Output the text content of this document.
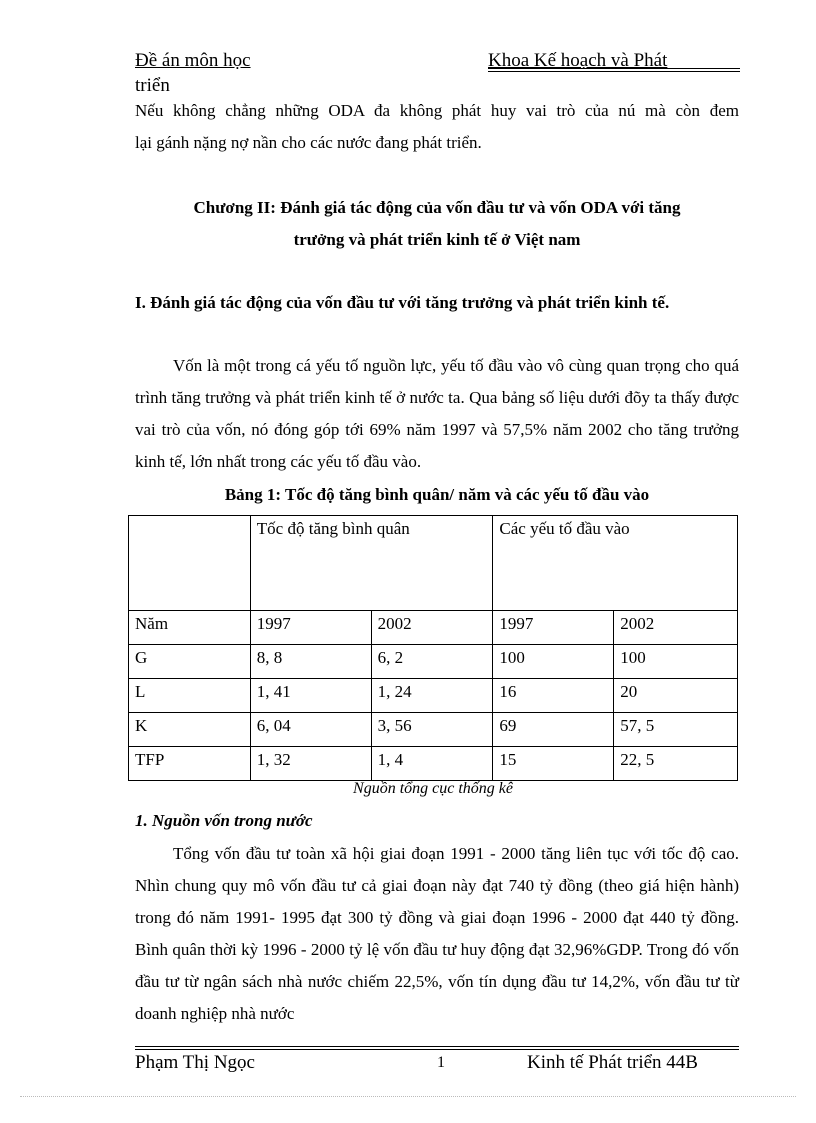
Đề án môn học	Khoa Kế hoạch và Phát
triển
Nếu không chẳng những ODA đa không phát huy vai trò của nú mà còn đem
lại gánh nặng nợ nần cho các nước đang phát triển.
Chương II: Đánh giá tác động của vốn đầu tư và vốn ODA với tăng
trưởng và phát triển kinh tế ở Việt nam
I. Đánh giá tác động của vốn đầu tư với tăng trưởng và phát triển kinh tế.
Vốn là một trong cá yếu tố nguồn lực, yếu tố đầu vào vô cùng quan trọng cho quá trình tăng trưởng và phát triển kinh tế ở nước ta. Qua bảng số liệu dưới đõy ta thấy được vai trò của vốn, nó đóng góp tới 69% năm 1997 và 57,5% năm 2002 cho tăng trưởng kinh tế, lớn nhất trong các yếu tố đầu vào.
Bảng 1: Tốc độ tăng bình quân/ năm và các yếu tố đầu vào
	Tốc độ tăng bình quân		Các yếu tố đầu vào	
Năm	1997	2002	1997	2002
G	8, 8	6, 2	100	100
L	1, 41	1, 24	16	20
K	6, 04	3, 56	69	57, 5
TFP	1, 32	1, 4	15	22, 5
Nguồn tổng cục thống kê
1. Nguồn vốn trong nước
Tổng vốn đầu tư toàn xã hội giai đoạn 1991 - 2000 tăng liên tục với tốc độ cao. Nhìn chung quy mô vốn đầu tư cả giai đoạn này đạt 740 tỷ đồng (theo giá hiện hành) trong đó năm 1991- 1995 đạt 300 tỷ đồng và giai đoạn 1996 - 2000 đạt 440 tỷ đồng. Bình quân thời kỳ 1996 - 2000 tỷ lệ vốn đầu tư huy động đạt 32,96%GDP. Trong đó vốn đầu tư từ ngân sách nhà nước chiếm 22,5%, vốn tín dụng đầu tư 14,2%, vốn đầu tư từ doanh nghiệp nhà nước
Phạm Thị Ngọc	1	Kinh tế Phát triển 44B
